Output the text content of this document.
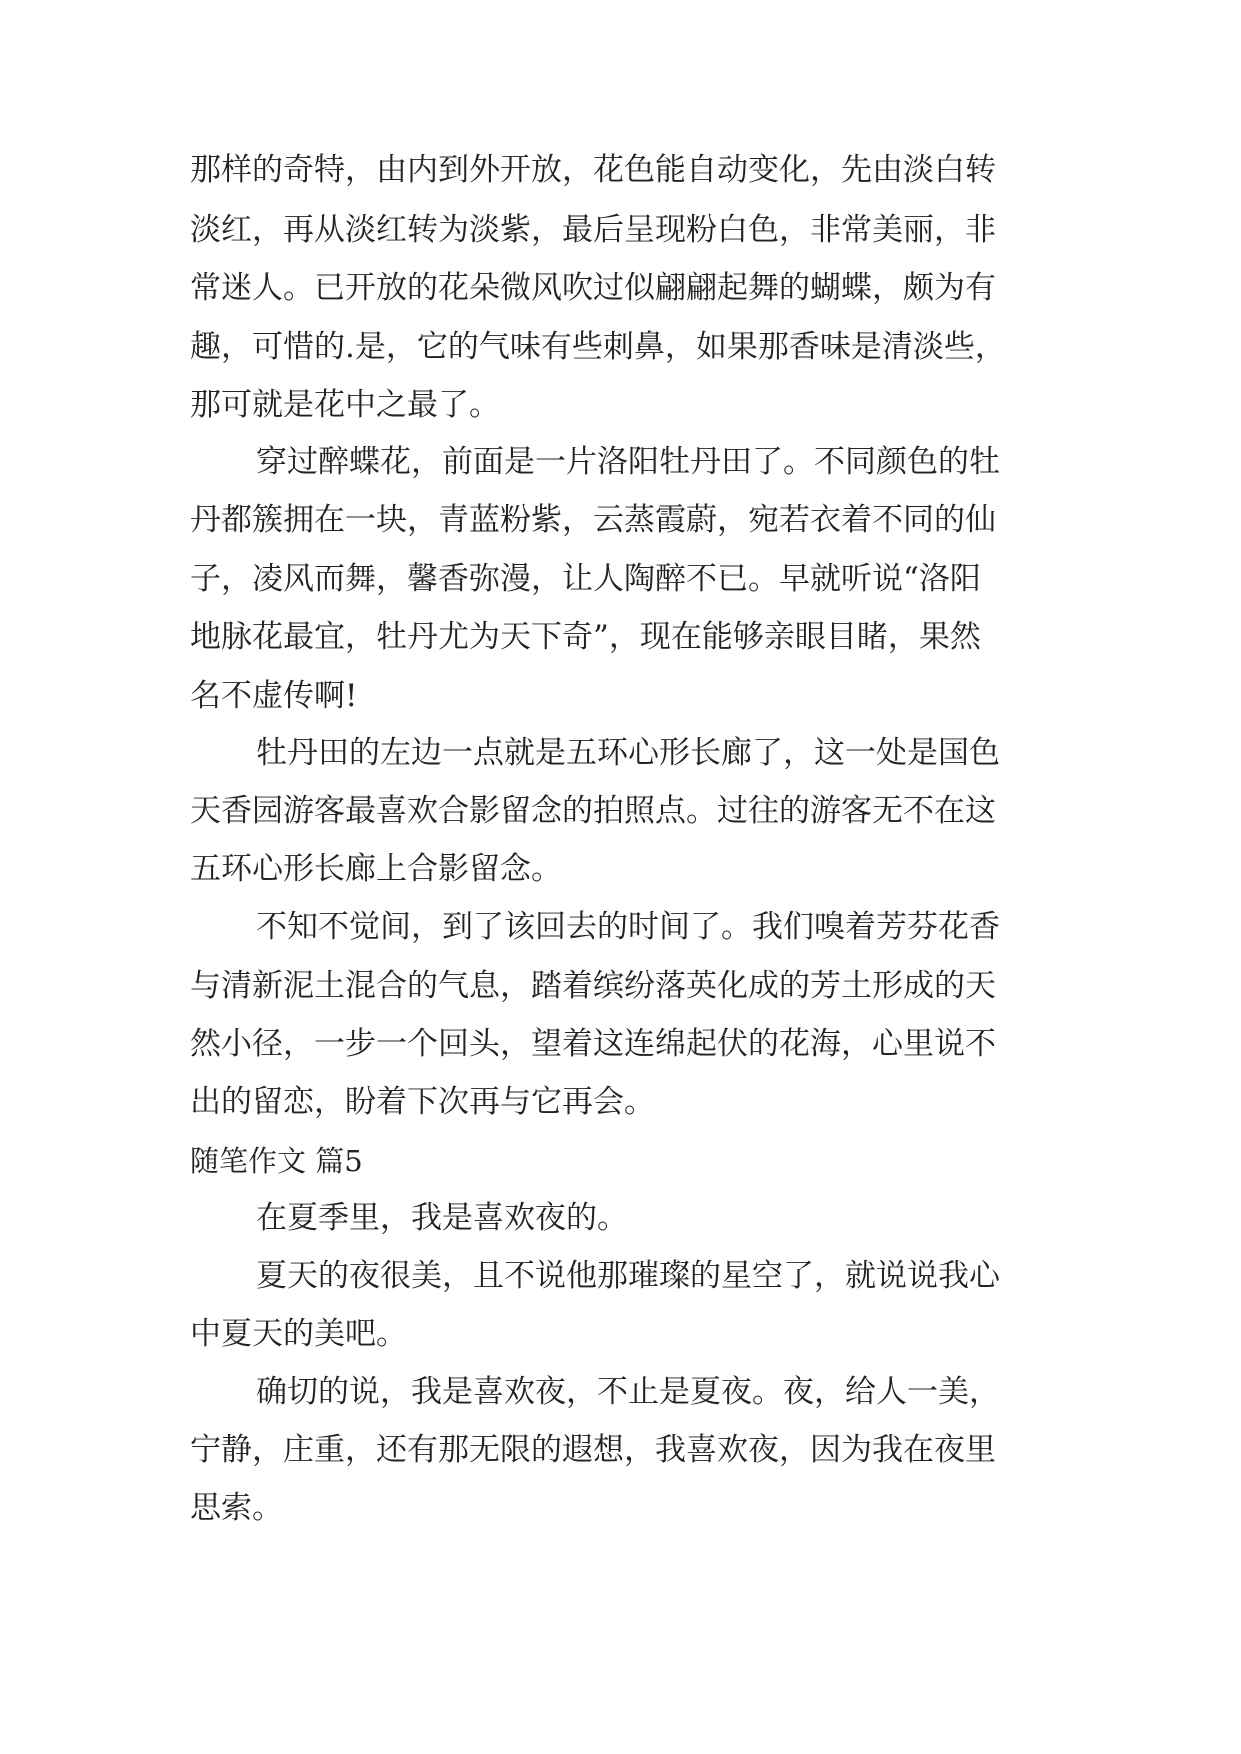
那样的奇特，由内到外开放，花色能自动变化，先由淡白转
淡红，再从淡红转为淡紫，最后呈现粉白色，非常美丽，非
常迷人。已开放的花朵微风吹过似翩翩起舞的蝴蝶，颇为有
趣，可惜的.是，它的气味有些刺鼻，如果那香味是清淡些，
那可就是花中之最了。
穿过醉蝶花，前面是一片洛阳牡丹田了。不同颜色的牡
丹都簇拥在一块，青蓝粉紫，云蒸霞蔚，宛若衣着不同的仙
子，凌风而舞，馨香弥漫，让人陶醉不已。早就听说“洛阳
地脉花最宜，牡丹尤为天下奇”，现在能够亲眼目睹，果然
名不虚传啊!
牡丹田的左边一点就是五环心形长廊了，这一处是国色
天香园游客最喜欢合影留念的拍照点。过往的游客无不在这
五环心形长廊上合影留念。
不知不觉间，到了该回去的时间了。我们嗅着芳芬花香
与清新泥土混合的气息，踏着缤纷落英化成的芳土形成的天
然小径，一步一个回头，望着这连绵起伏的花海，心里说不
出的留恋，盼着下次再与它再会。
随笔作文 篇5
在夏季里，我是喜欢夜的。
夏天的夜很美，且不说他那璀璨的星空了，就说说我心
中夏天的美吧。
确切的说，我是喜欢夜，不止是夏夜。夜，给人一美，
宁静，庄重，还有那无限的遐想，我喜欢夜，因为我在夜里
思索。
